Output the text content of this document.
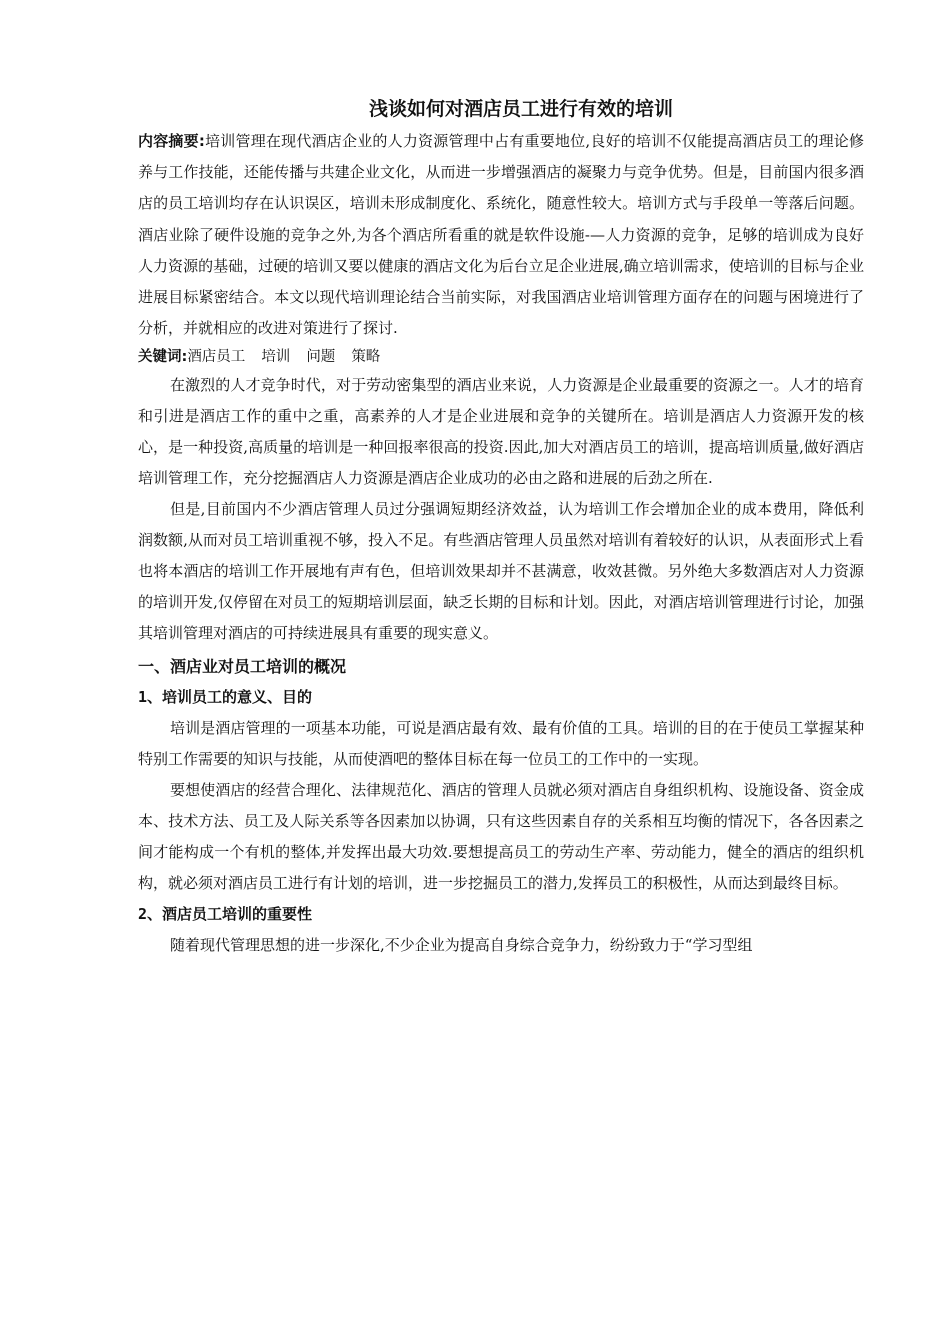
浅谈如何对酒店员工进行有效的培训

内容摘要:培训管理在现代酒店企业的人力资源管理中占有重要地位,良好的培训不仅能提高酒店员工的理论修养与工作技能，还能传播与共建企业文化，从而进一步增强酒店的凝聚力与竞争优势。但是，目前国内很多酒店的员工培训均存在认识误区，培训未形成制度化、系统化，随意性较大。培训方式与手段单一等落后问题。酒店业除了硬件设施的竞争之外,为各个酒店所看重的就是软件设施-—人力资源的竞争，足够的培训成为良好人力资源的基础，过硬的培训又要以健康的酒店文化为后台立足企业进展,确立培训需求，使培训的目标与企业进展目标紧密结合。本文以现代培训理论结合当前实际，对我国酒店业培训管理方面存在的问题与困境进行了分析，并就相应的改进对策进行了探讨.

关键词:酒店员工 培训 问题 策略

在激烈的人才竞争时代，对于劳动密集型的酒店业来说，人力资源是企业最重要的资源之一。人才的培育和引进是酒店工作的重中之重，高素养的人才是企业进展和竞争的关键所在。培训是酒店人力资源开发的核心，是一种投资,高质量的培训是一种回报率很高的投资.因此,加大对酒店员工的培训，提高培训质量,做好酒店培训管理工作，充分挖掘酒店人力资源是酒店企业成功的必由之路和进展的后劲之所在.

但是,目前国内不少酒店管理人员过分强调短期经济效益，认为培训工作会增加企业的成本费用，降低利润数额,从而对员工培训重视不够，投入不足。有些酒店管理人员虽然对培训有着较好的认识，从表面形式上看也将本酒店的培训工作开展地有声有色，但培训效果却并不甚满意，收效甚微。另外绝大多数酒店对人力资源的培训开发,仅停留在对员工的短期培训层面，缺乏长期的目标和计划。因此，对酒店培训管理进行讨论，加强其培训管理对酒店的可持续进展具有重要的现实意义。

一、酒店业对员工培训的概况
1、培训员工的意义、目的

培训是酒店管理的一项基本功能，可说是酒店最有效、最有价值的工具。培训的目的在于使员工掌握某种特别工作需要的知识与技能，从而使酒吧的整体目标在每一位员工的工作中的一实现。

要想使酒店的经营合理化、法律规范化、酒店的管理人员就必须对酒店自身组织机构、设施设备、资金成本、技术方法、员工及人际关系等各因素加以协调，只有这些因素自存的关系相互均衡的情况下，各各因素之间才能构成一个有机的整体,并发挥出最大功效.要想提高员工的劳动生产率、劳动能力，健全的酒店的组织机构，就必须对酒店员工进行有计划的培训，进一步挖掘员工的潜力,发挥员工的积极性，从而达到最终目标。

2、酒店员工培训的重要性

随着现代管理思想的进一步深化,不少企业为提高自身综合竞争力，纷纷致力于“学习型组
